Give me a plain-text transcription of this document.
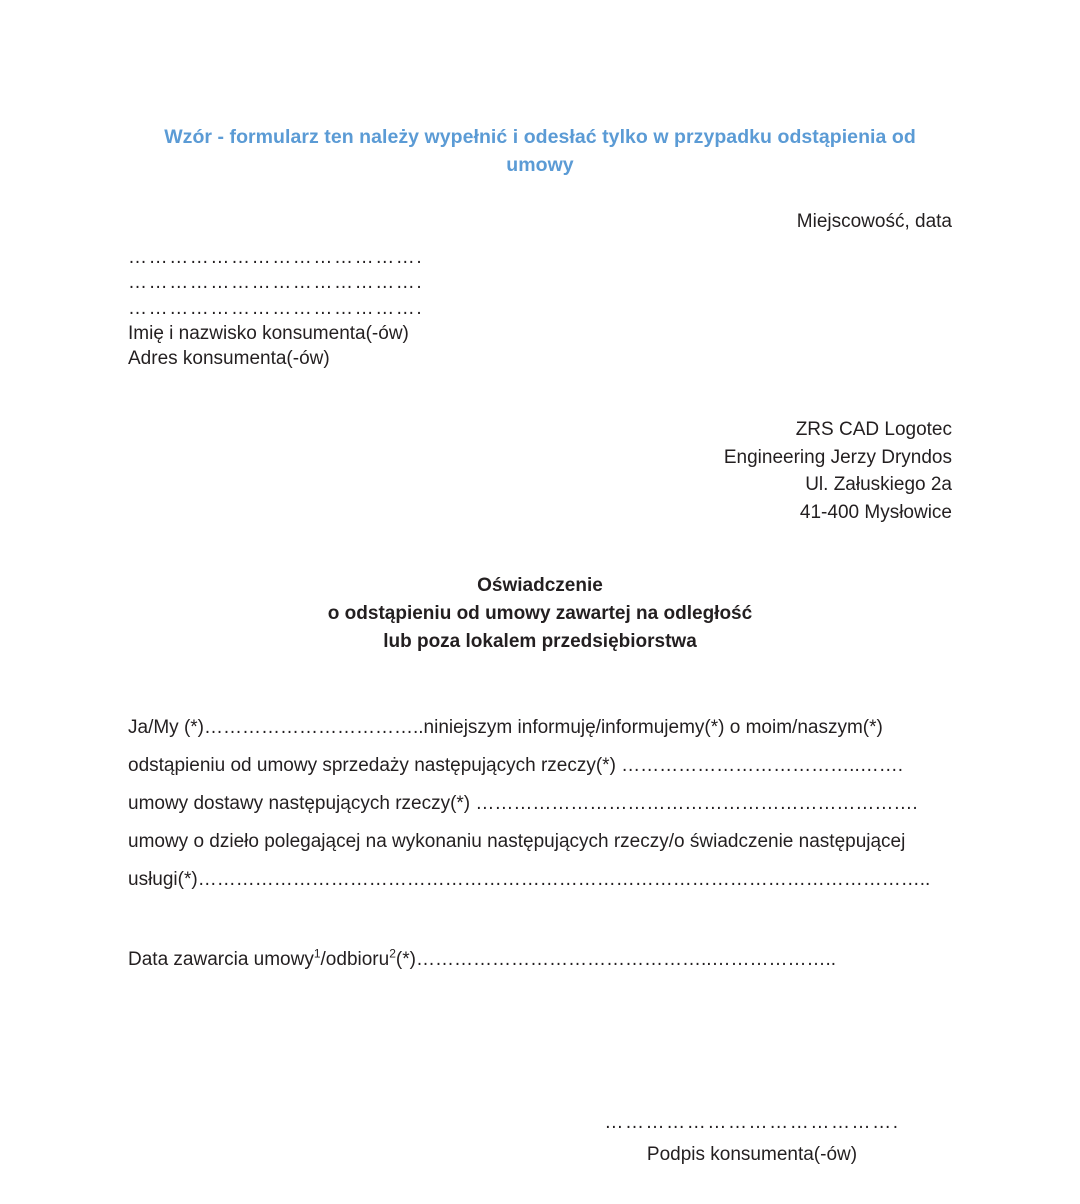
Wzór - formularz ten należy wypełnić i odesłać tylko w przypadku odstąpienia od umowy
Miejscowość, data
…………………………………….
…………………………………….
…………………………………….
Imię i nazwisko konsumenta(-ów)
Adres konsumenta(-ów)
ZRS CAD Logotec
Engineering Jerzy Dryndos
Ul. Załuskiego 2a
41-400 Mysłowice
Oświadczenie
o odstąpieniu od umowy zawartej na odległość
lub poza lokalem przedsiębiorstwa
Ja/My (*)……………………………..niniejszym informuję/informujemy(*) o moim/naszym(*)
odstąpieniu od umowy sprzedaży następujących rzeczy(*) ………………………………..…….
umowy dostawy następujących rzeczy(*) …………………………………………………………….
umowy o dzieło polegającej na wykonaniu następujących rzeczy/o świadczenie następującej
usługi(*)……………………………………………………………………………………………………..
Data zawarcia umowy$^1$/odbioru$^2$(*)………………………………………..………………..
…………………………………….
Podpis konsumenta(-ów)
